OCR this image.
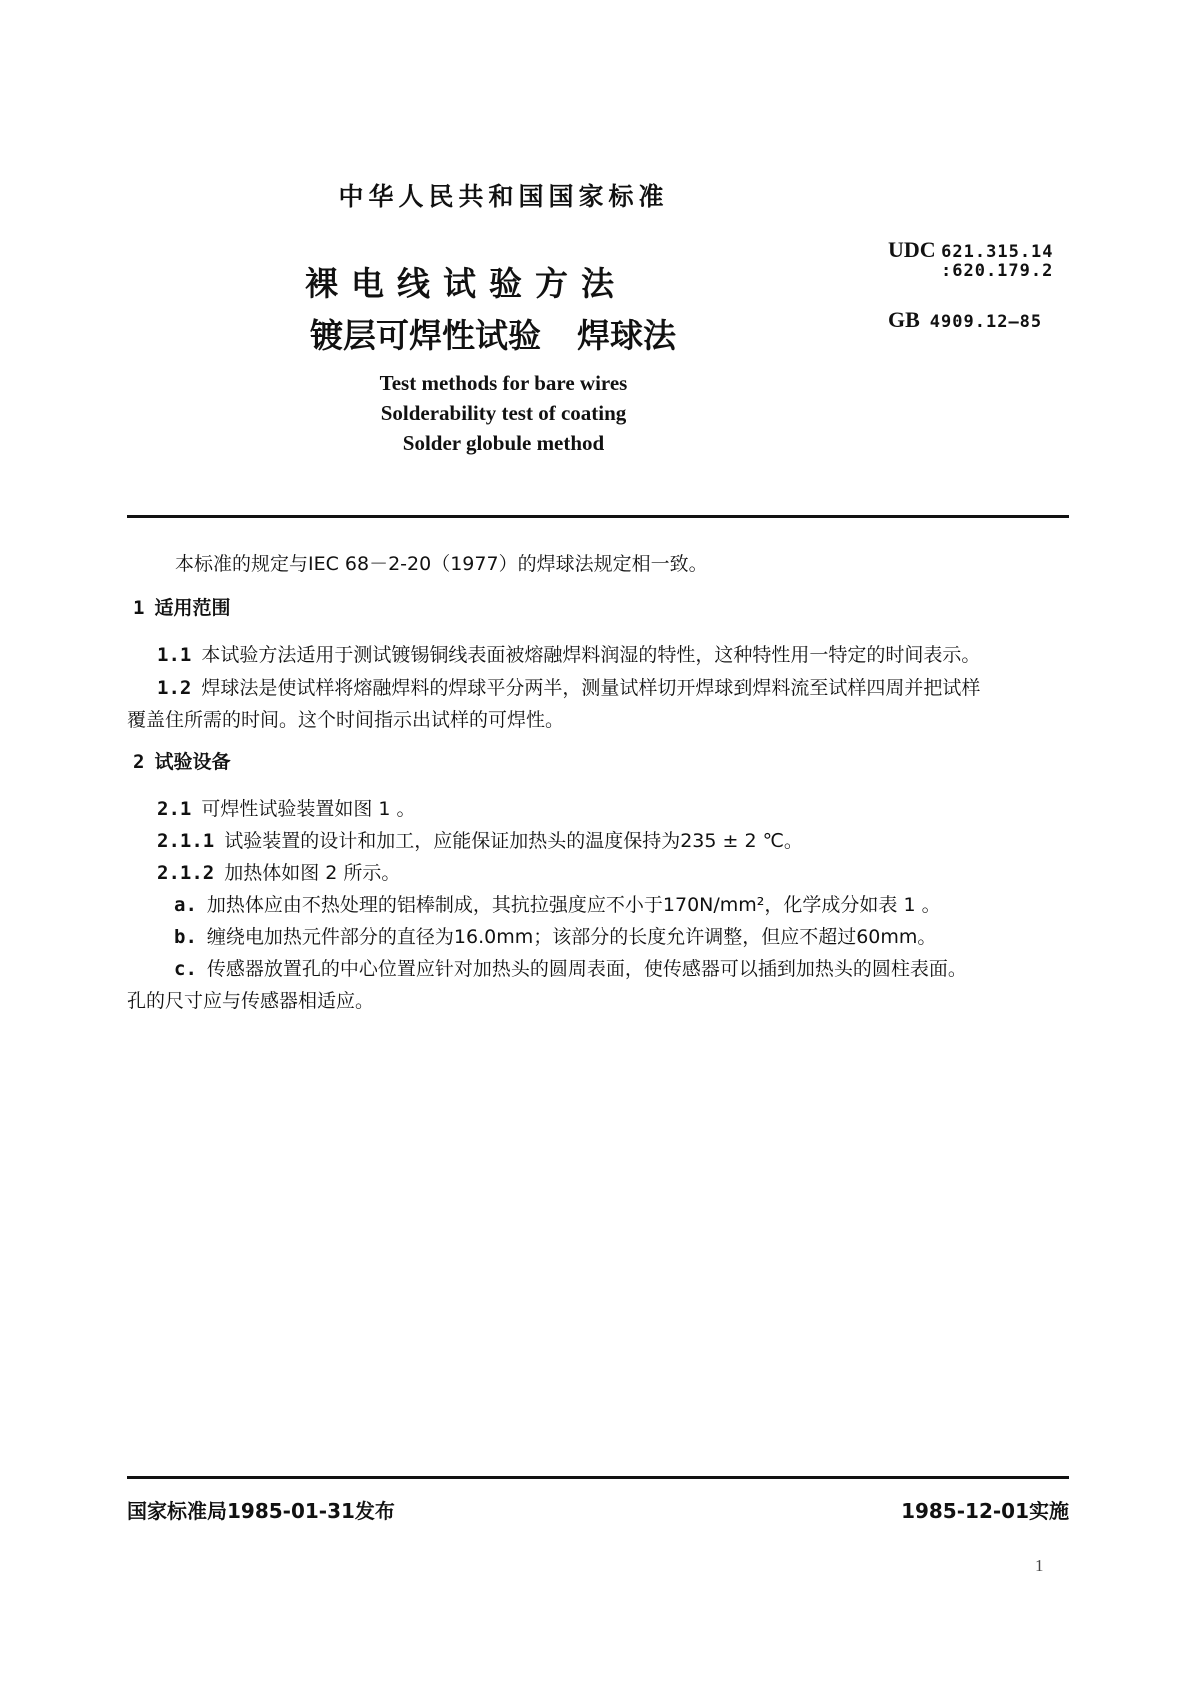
中华人民共和国国家标准
裸电线试验方法
镀层可焊性试验 焊球法
Test methods for bare wires
Solderability test of coating
Solder globule method
UDC 621.315.14
:620.179.2
GB 4909.12—85
本标准的规定与IEC 68－2-20（1977）的焊球法规定相一致。
1 适用范围
1.1 本试验方法适用于测试镀锡铜线表面被熔融焊料润湿的特性，这种特性用一特定的时间表示。
1.2 焊球法是使试样将熔融焊料的焊球平分两半，测量试样切开焊球到焊料流至试样四周并把试样
覆盖住所需的时间。这个时间指示出试样的可焊性。
2 试验设备
2.1 可焊性试验装置如图 1 。
2.1.1 试验装置的设计和加工，应能保证加热头的温度保持为235 ± 2 ℃。
2.1.2 加热体如图 2 所示。
a. 加热体应由不热处理的铝棒制成，其抗拉强度应不小于170N/mm²，化学成分如表 1 。
b. 缠绕电加热元件部分的直径为16.0mm；该部分的长度允许调整，但应不超过60mm。
c. 传感器放置孔的中心位置应针对加热头的圆周表面，使传感器可以插到加热头的圆柱表面。
孔的尺寸应与传感器相适应。
国家标准局1985-01-31发布	1985-12-01实施
1
